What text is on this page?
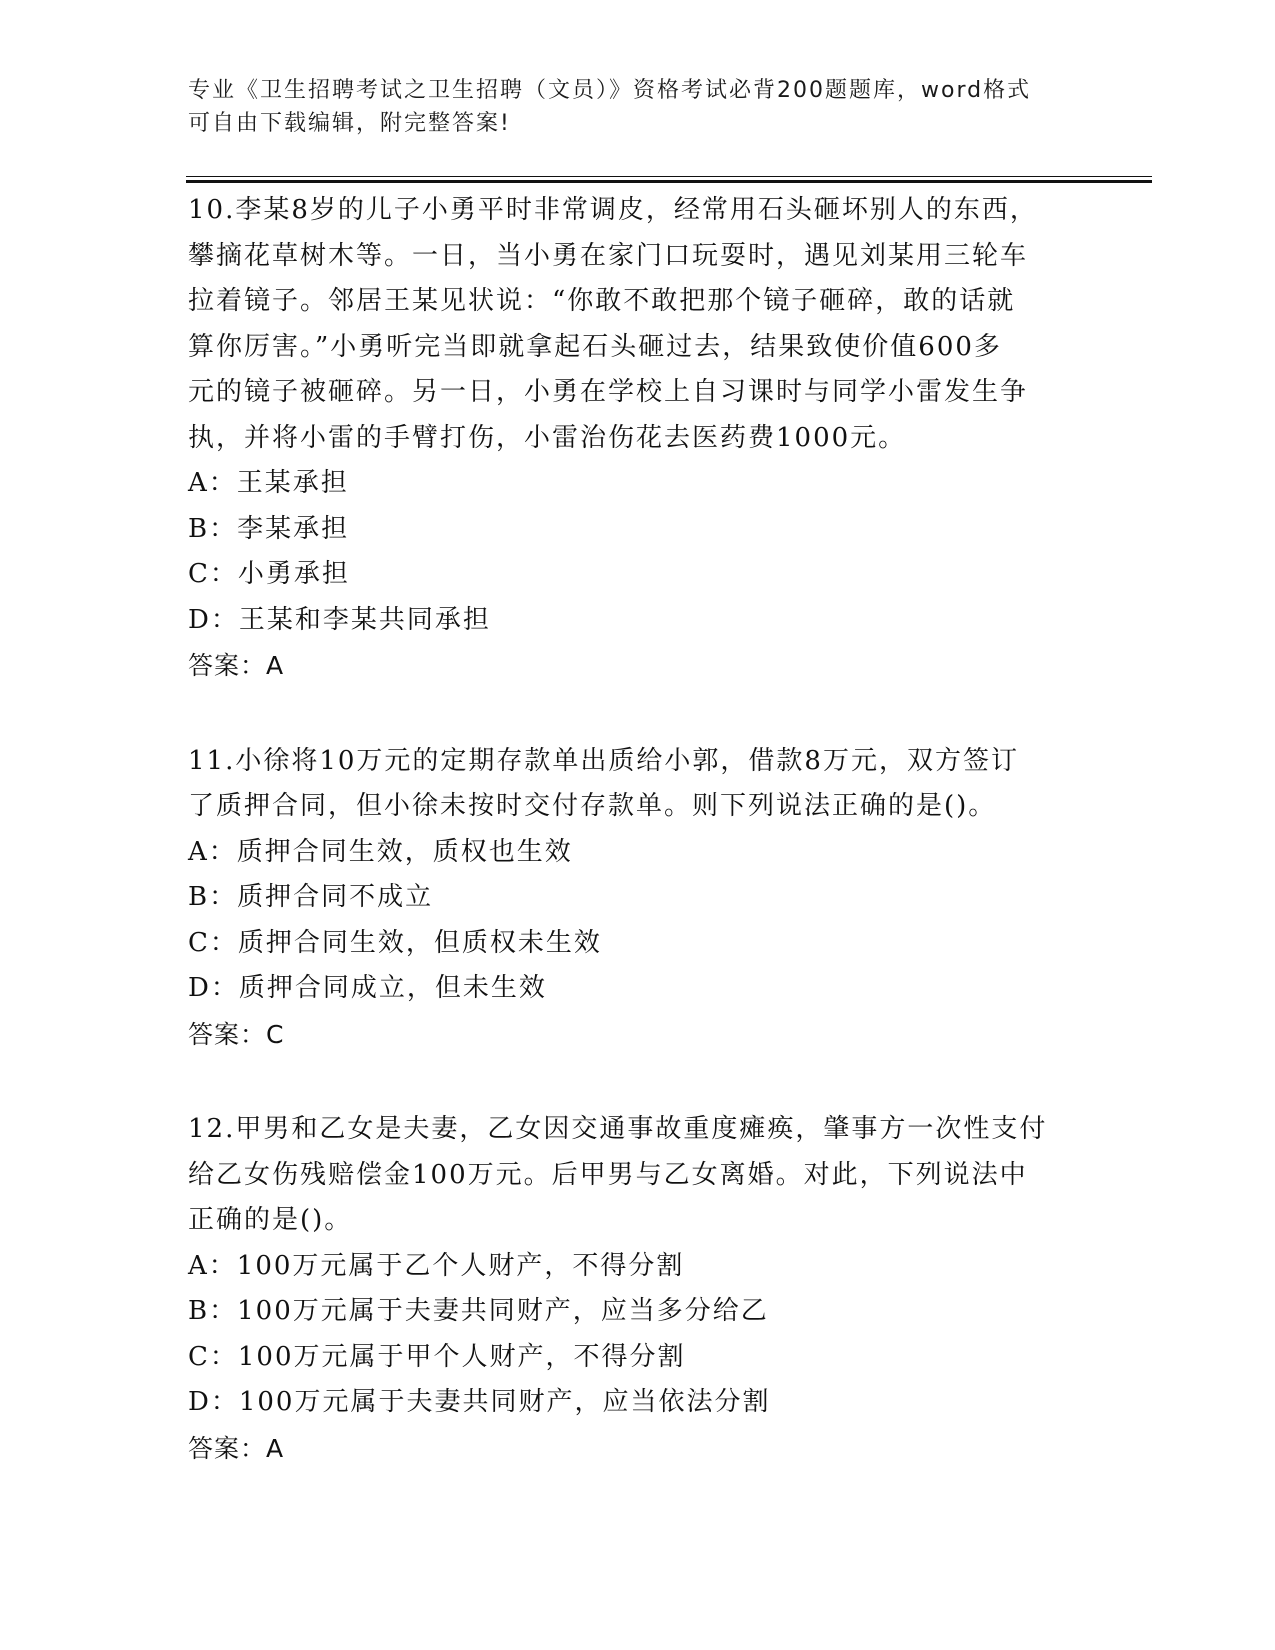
专业《卫生招聘考试之卫生招聘（文员）》资格考试必背200题题库，word格式
可自由下载编辑，附完整答案!
10.李某8岁的儿子小勇平时非常调皮，经常用石头砸坏别人的东西，
攀摘花草树木等。一日，当小勇在家门口玩耍时，遇见刘某用三轮车
拉着镜子。邻居王某见状说：“你敢不敢把那个镜子砸碎，敢的话就
算你厉害。”小勇听完当即就拿起石头砸过去，结果致使价值600多
元的镜子被砸碎。另一日，小勇在学校上自习课时与同学小雷发生争
执，并将小雷的手臂打伤，小雷治伤花去医药费1000元。
A：王某承担
B：李某承担
C：小勇承担
D：王某和李某共同承担
答案：A
11.小徐将10万元的定期存款单出质给小郭，借款8万元，双方签订
了质押合同，但小徐未按时交付存款单。则下列说法正确的是()。
A：质押合同生效，质权也生效
B：质押合同不成立
C：质押合同生效，但质权未生效
D：质押合同成立，但未生效
答案：C
12.甲男和乙女是夫妻，乙女因交通事故重度瘫痪，肇事方一次性支付
给乙女伤残赔偿金100万元。后甲男与乙女离婚。对此，下列说法中
正确的是()。
A：100万元属于乙个人财产，不得分割
B：100万元属于夫妻共同财产，应当多分给乙
C：100万元属于甲个人财产，不得分割
D：100万元属于夫妻共同财产，应当依法分割
答案：A
